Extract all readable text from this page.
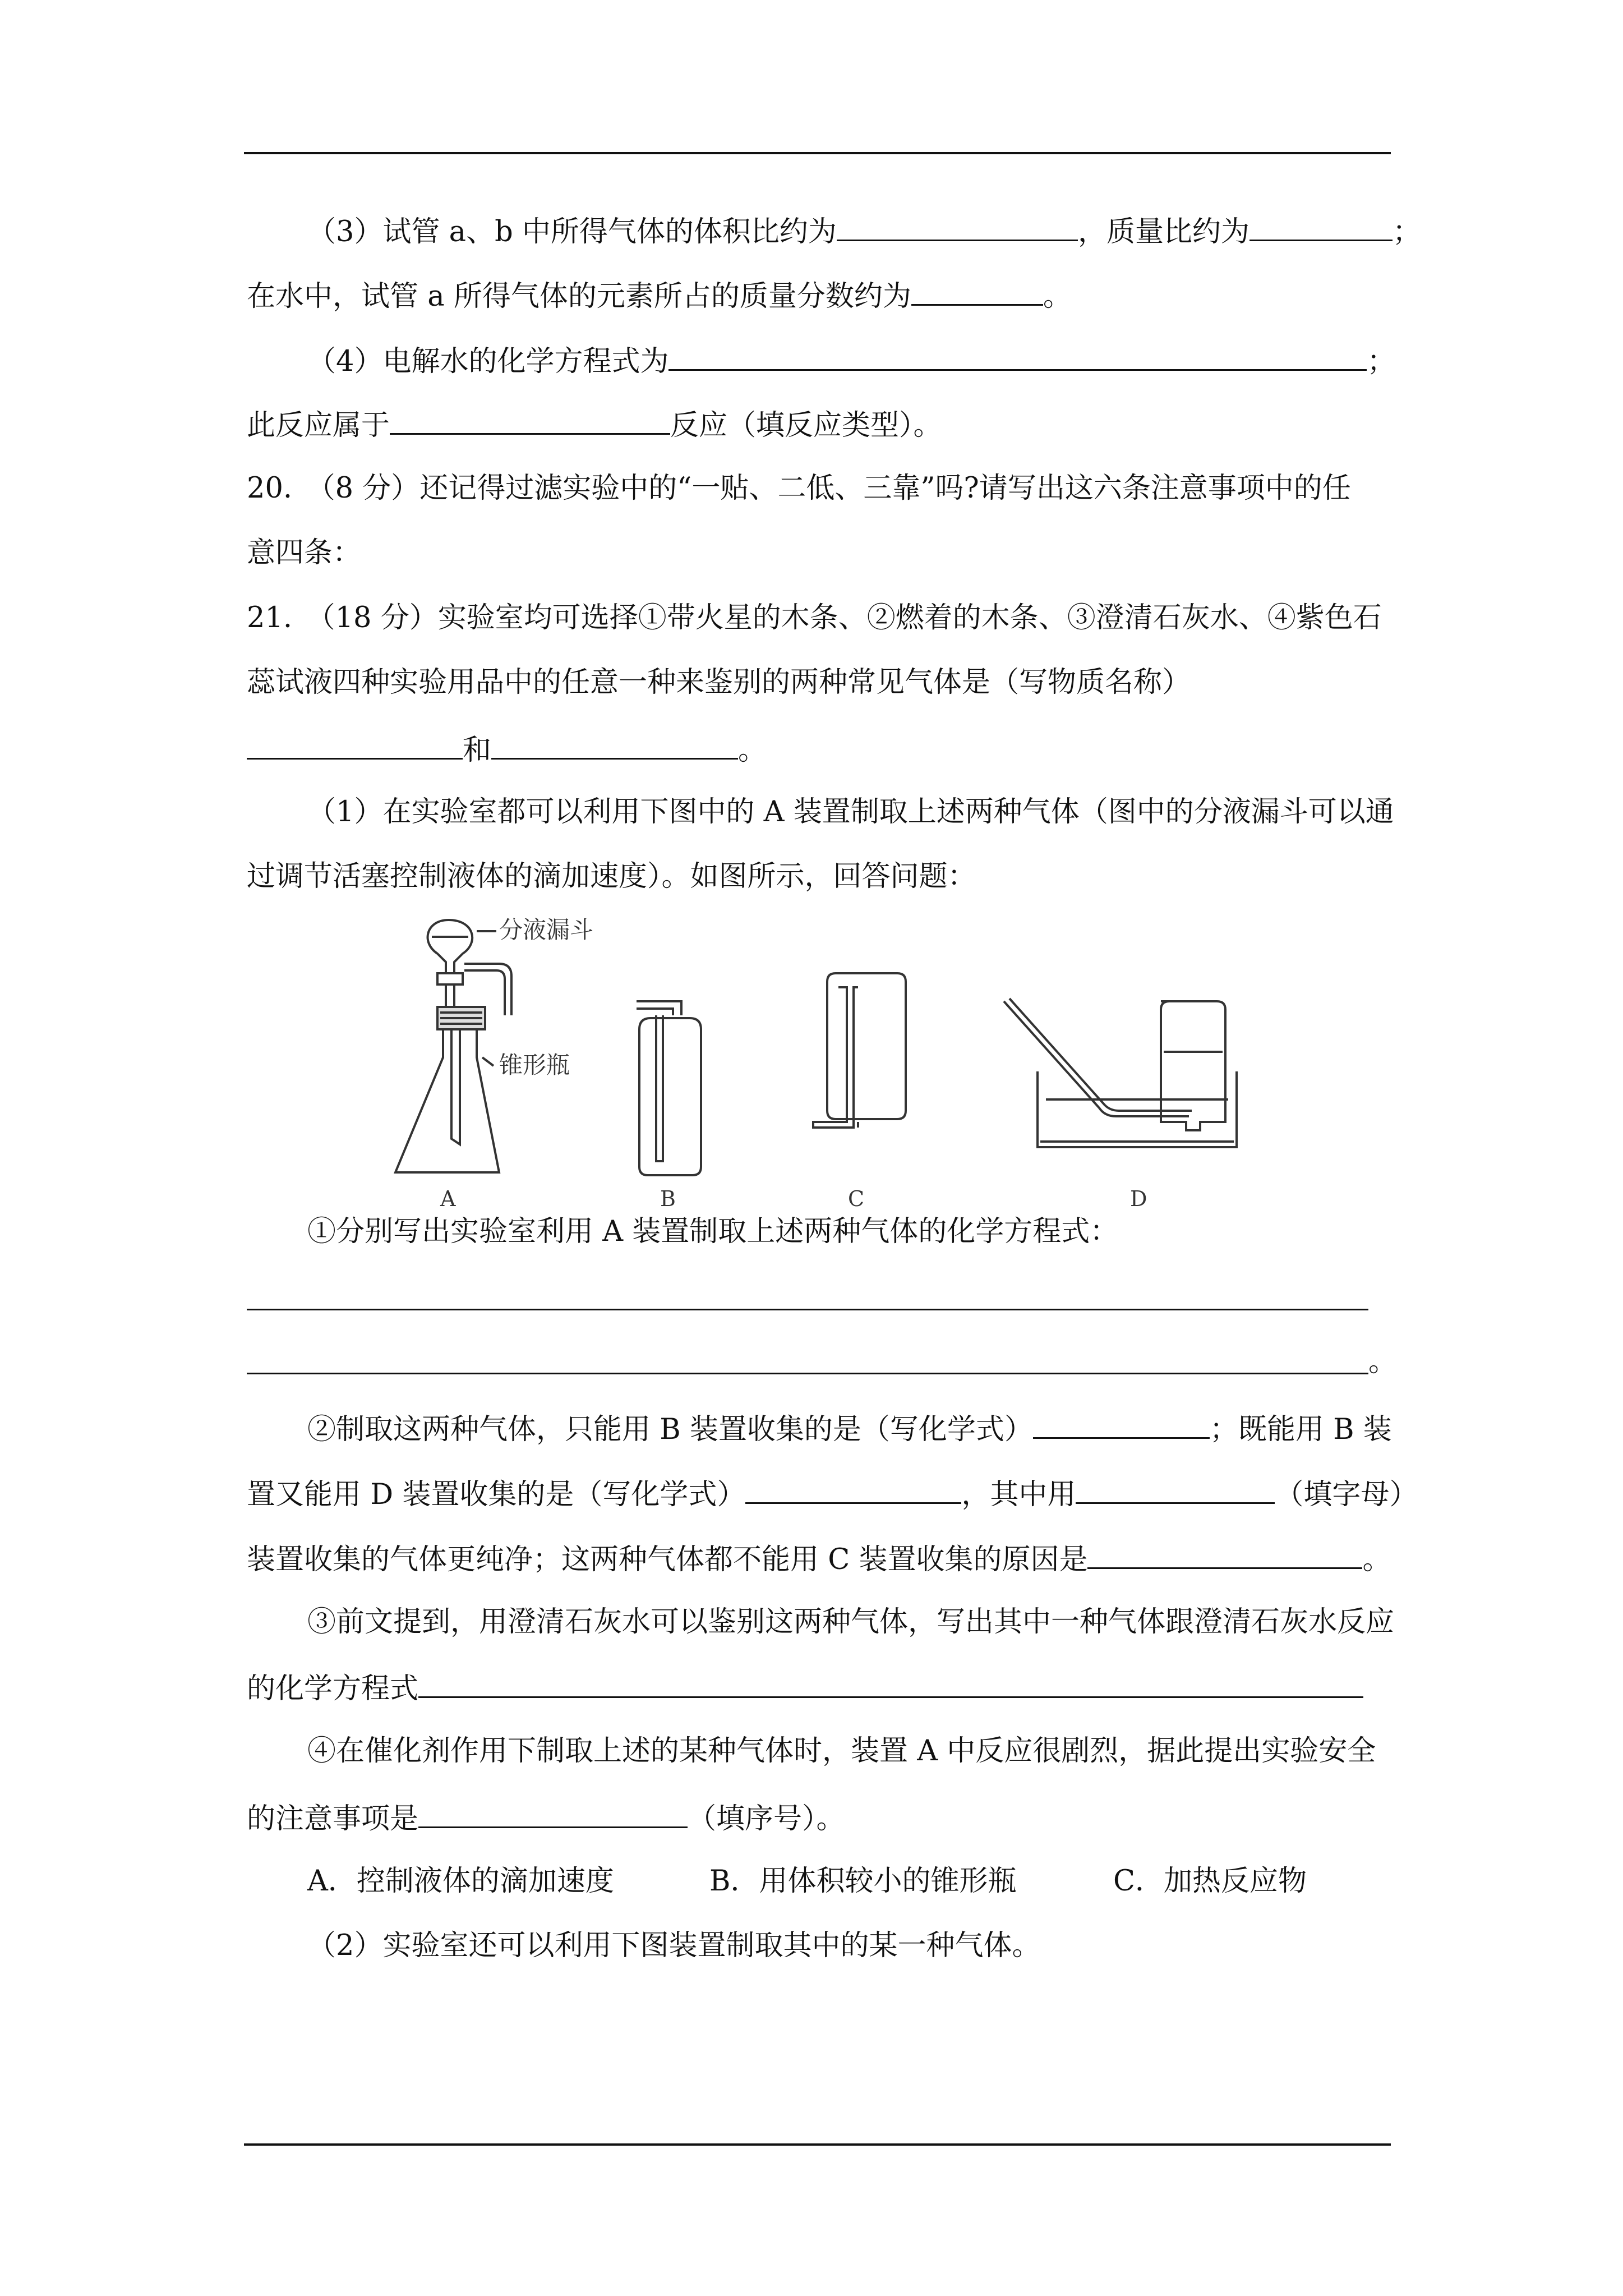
（3）试管 a、b 中所得气体的体积比约为	，质量比约为	；
在水中，试管 a 所得气体的元素所占的质量分数约为	。
（4）电解水的化学方程式为	；
此反应属于	反应（填反应类型）。
20.　（8 分）还记得过滤实验中的“一贴、二低、三靠”吗?请写出这六条注意事项中的任
意四条：
21.　（18 分）实验室均可选择①带火星的木条、②燃着的木条、③澄清石灰水、④紫色石
蕊试液四种实验用品中的任意一种来鉴别的两种常见气体是（写物质名称）
和	。
（1）在实验室都可以利用下图中的 A 装置制取上述两种气体（图中的分液漏斗可以通
过调节活塞控制液体的滴加速度）。如图所示，回答问题：
分液漏斗
锥形瓶
A	B	C	D
①分别写出实验室利用 A 装置制取上述两种气体的化学方程式：
。
②制取这两种气体，只能用 B 装置收集的是（写化学式）	；既能用 B 装
置又能用 D 装置收集的是（写化学式）	，其中用	（填字母）
装置收集的气体更纯净；这两种气体都不能用 C 装置收集的原因是	。
③前文提到，用澄清石灰水可以鉴别这两种气体，写出其中一种气体跟澄清石灰水反应
的化学方程式
④在催化剂作用下制取上述的某种气体时，装置 A 中反应很剧烈，据此提出实验安全
的注意事项是	（填序号）。
A．控制液体的滴加速度	B．用体积较小的锥形瓶	C．加热反应物
（2）实验室还可以利用下图装置制取其中的某一种气体。
